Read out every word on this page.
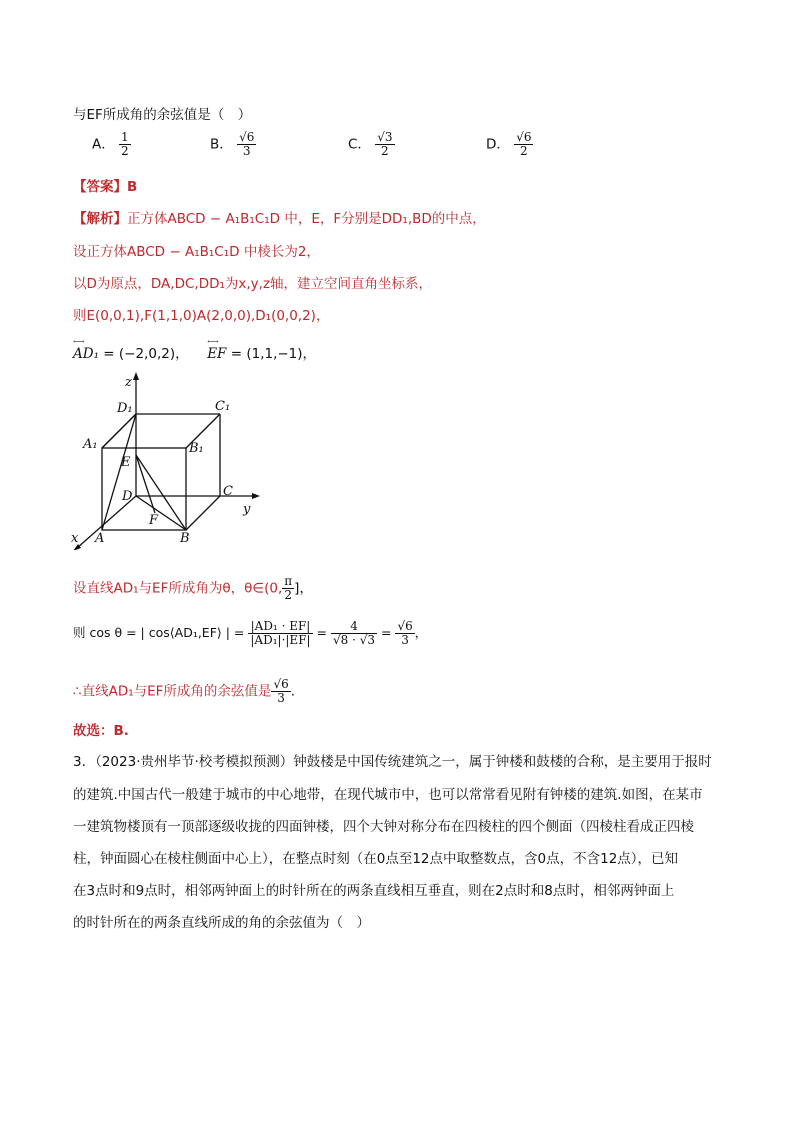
与EF所成角的余弦值是（　）
A． $\frac{1}{2}$	B． $\frac{√6}{3}$	C． $\frac{√3}{2}$	D． $\frac{√6}{2}$
【答案】B
【解析】正方体ABCD − A₁B₁C₁D 中，E，F分别是DD₁,BD的中点，
设正方体ABCD − A₁B₁C₁D 中棱长为2，
以D为原点，DA,DC,DD₁为x,y,z轴，建立空间直角坐标系，
则E(0,0,1),F(1,1,0)A(2,0,0),D₁(0,0,2)，
←→ AD₁ = (−2,0,2)，  ←→ EF = (1,1,−1)，
z
y
x
D₁	C₁
A₁	B₁
E
D	C
F
A	B
设直线AD₁与EF所成角为θ，θ∈(0, $\frac{\pi}{2}$ ]，
则 cos θ = | cos⟨AD₁,EF⟩ | = $\frac{\text{|AD₁ · EF|}}{\text{|AD₁|·|EF|}} = \frac{4}{√8 \cdot √3} = \frac{√6}{3}$ ，
∴直线AD₁与EF所成角的余弦值是 $\frac{√6}{3}$ .
故选：B.
3．（2023·贵州毕节·校考模拟预测）钟鼓楼是中国传统建筑之一，属于钟楼和鼓楼的合称，是主要用于报时
的建筑.中国古代一般建于城市的中心地带，在现代城市中，也可以常常看见附有钟楼的建筑.如图，在某市
一建筑物楼顶有一顶部逐级收拢的四面钟楼，四个大钟对称分布在四棱柱的四个侧面（四棱柱看成正四棱
柱，钟面圆心在棱柱侧面中心上），在整点时刻（在0点至12点中取整数点，含0点，不含12点），已知
在3点时和9点时，相邻两钟面上的时针所在的两条直线相互垂直，则在2点时和8点时，相邻两钟面上
的时针所在的两条直线所成的角的余弦值为（　）
